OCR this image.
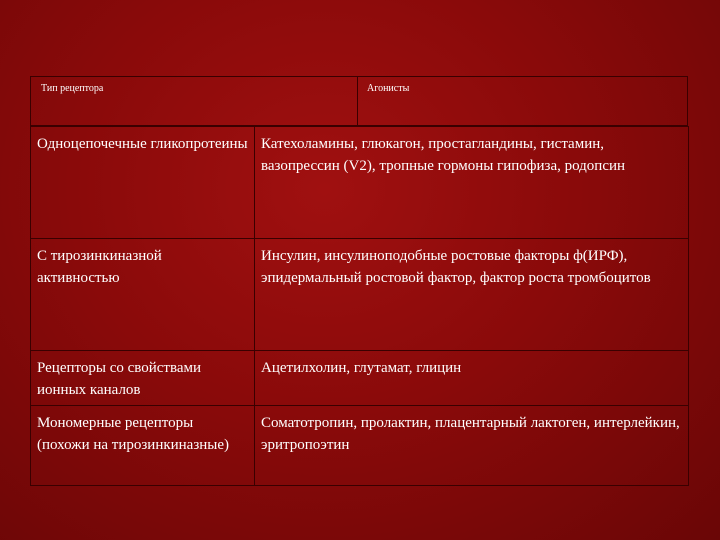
Тип рецептора	Агонисты
Одноцепочечные гликопротеины	Катехоламины, глюкагон, простагландины, гистамин, вазопрессин (V2), тропные гормоны гипофиза, родопсин
С тирозинкиназной активностью	Инсулин, инсулиноподобные ростовые факторы ф(ИРФ), эпидермальный ростовой фактор, фактор роста тромбоцитов
Рецепторы со свойствами ионных каналов	Ацетилхолин, глутамат, глицин
Мономерные рецепторы (похожи на тирозинкиназные)	Соматотропин, пролактин, плацентарный лактоген, интерлейкин, эритропоэтин
